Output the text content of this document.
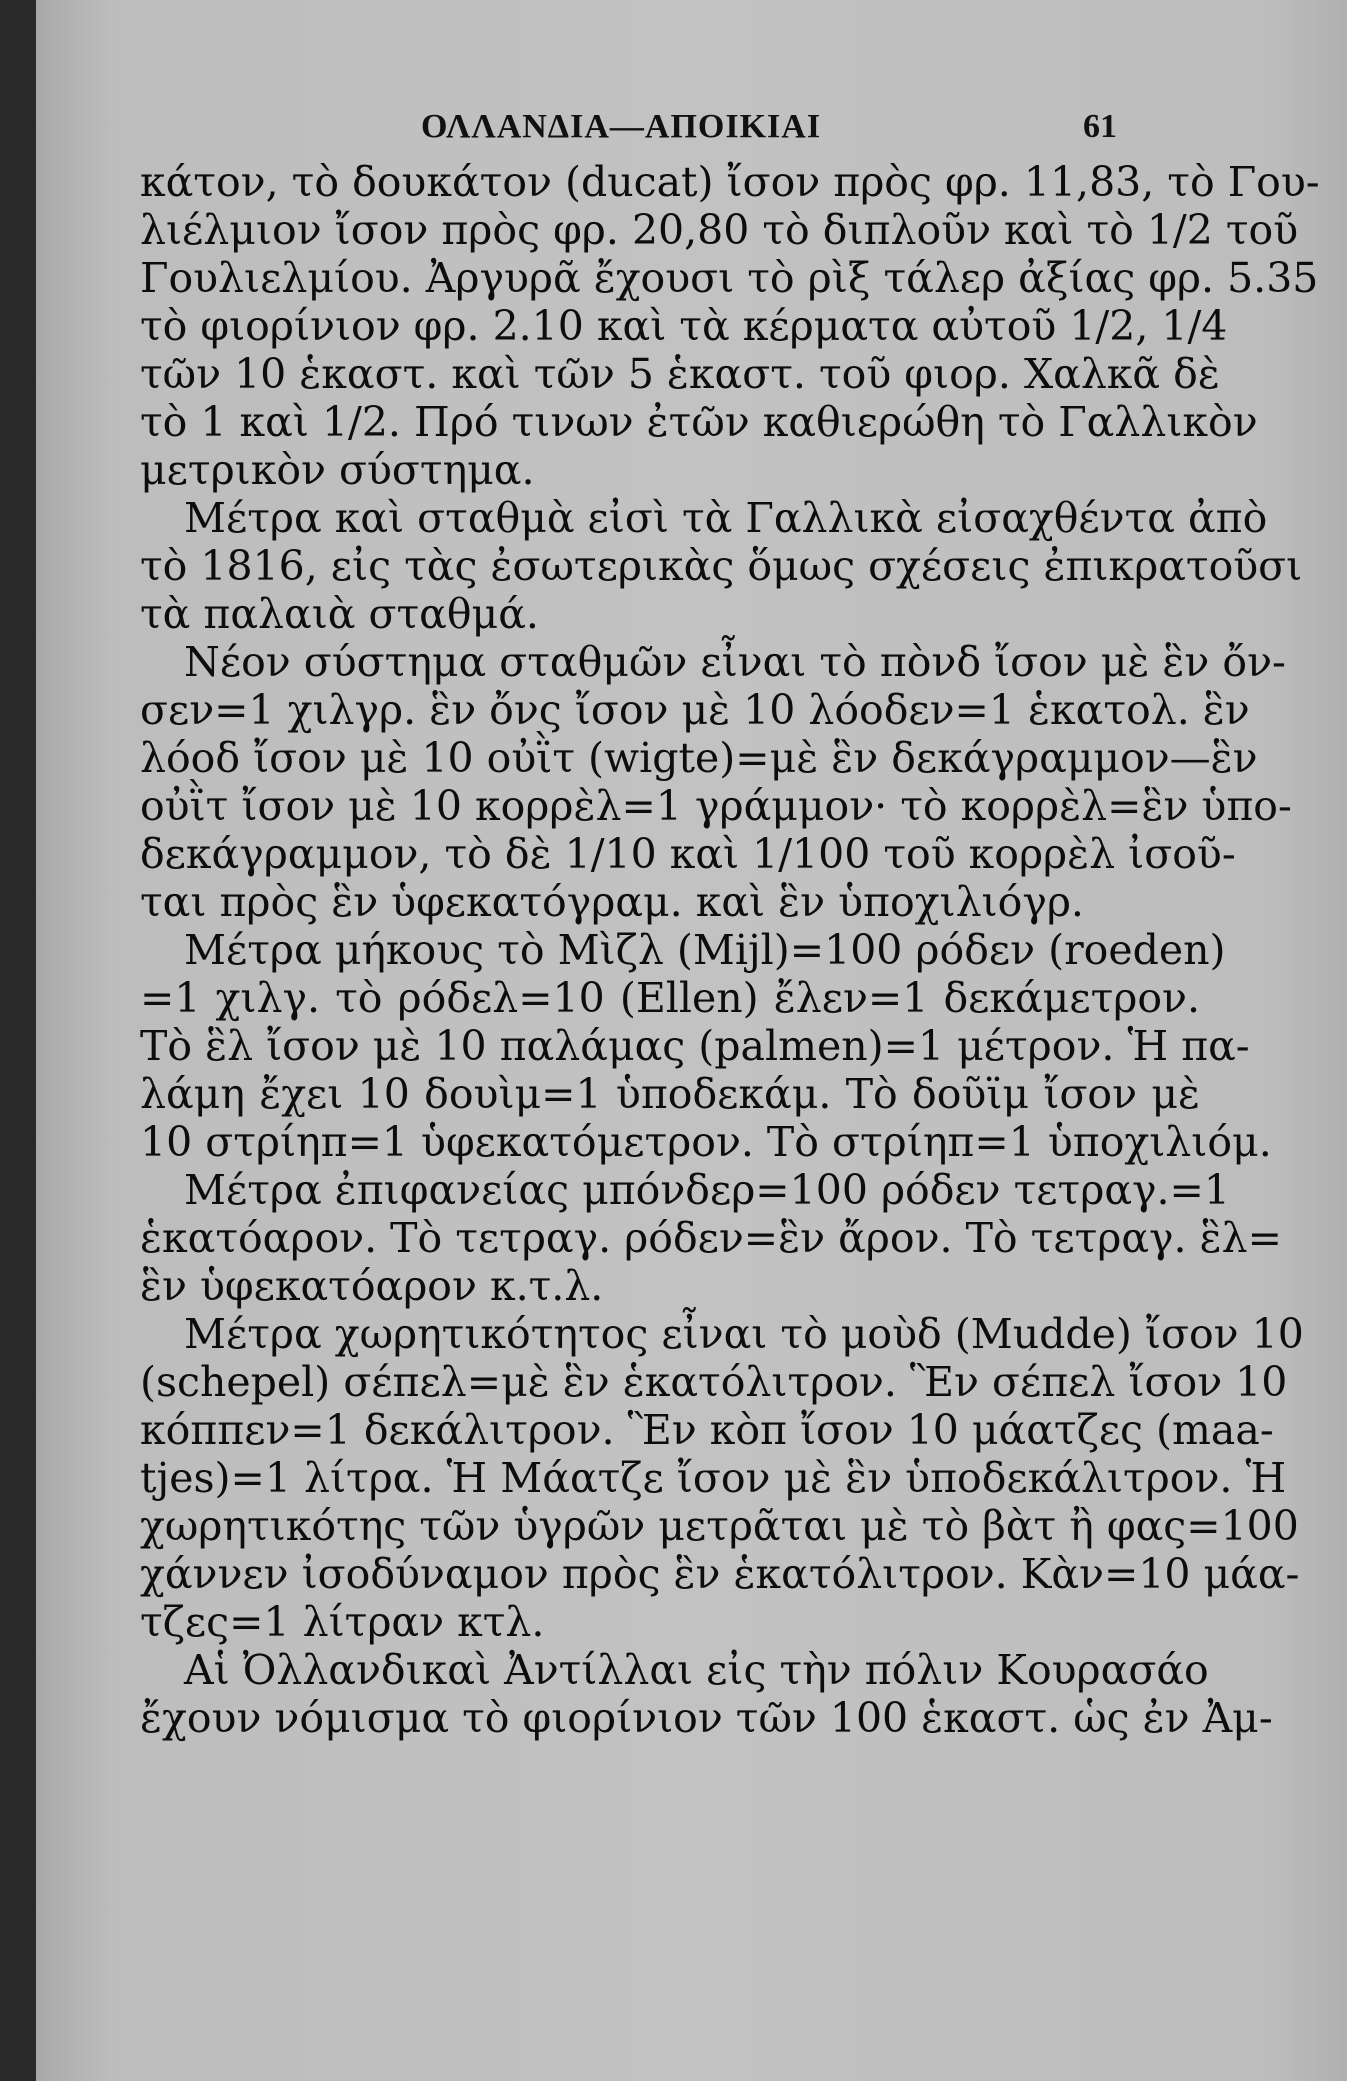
ΟΛΛΑΝΔΙΑ—ΑΠΟΙΚΙΑΙ	61
κάτον, τὸ δουκάτον (ducat) ἴσον πρὸς φρ. 11,83, τὸ Γου-
λιέλμιον ἴσον πρὸς φρ. 20,80 τὸ διπλοῦν καὶ τὸ 1/2 τοῦ
Γουλιελμίου. Ἀργυρᾶ ἔχουσι τὸ ρὶξ τάλερ ἀξίας φρ. 5.35
τὸ φιορίνιον φρ. 2.10 καὶ τὰ κέρματα αὐτοῦ 1/2, 1/4
τῶν 10 ἑκαστ. καὶ τῶν 5 ἑκαστ. τοῦ φιορ. Χαλκᾶ δὲ
τὸ 1 καὶ 1/2. Πρό τινων ἐτῶν καθιερώθη τὸ Γαλλικὸν
μετρικὸν σύστημα.
Μέτρα καὶ σταθμὰ εἰσὶ τὰ Γαλλικὰ εἰσαχθέντα ἀπὸ
τὸ 1816, εἰς τὰς ἐσωτερικὰς ὅμως σχέσεις ἐπικρατοῦσι
τὰ παλαιὰ σταθμά.
Νέον σύστημα σταθμῶν εἶναι τὸ πὸνδ ἴσον μὲ ἓν ὄν-
σεν=1 χιλγρ. ἓν ὄνς ἴσον μὲ 10 λόοδεν=1 ἑκατολ. ἓν
λόοδ ἴσον μὲ 10 οὐῒτ (wigte)=μὲ ἓν δεκάγραμμον—ἓν
οὐῒτ ἴσον μὲ 10 κορρὲλ=1 γράμμον· τὸ κορρὲλ=ἓν ὑπο-
δεκάγραμμον, τὸ δὲ 1/10 καὶ 1/100 τοῦ κορρὲλ ἰσοῦ-
ται πρὸς ἓν ὑφεκατόγραμ. καὶ ἓν ὑποχιλιόγρ.
Μέτρα μήκους τὸ Μὶζλ (Mijl)=100 ρόδεν (roeden)
=1 χιλγ. τὸ ρόδελ=10 (Ellen) ἔλεν=1 δεκάμετρον.
Τὸ ἓλ ἴσον μὲ 10 παλάμας (palmen)=1 μέτρον. Ἡ πα-
λάμη ἔχει 10 δουὶμ=1 ὑποδεκάμ. Τὸ δοῦϊμ ἴσον μὲ
10 στρίηπ=1 ὑφεκατόμετρον. Τὸ στρίηπ=1 ὑποχιλιόμ.
Μέτρα ἐπιφανείας μπόνδερ=100 ρόδεν τετραγ.=1
ἑκατόαρον. Τὸ τετραγ. ρόδεν=ἓν ἄρον. Τὸ τετραγ. ἓλ=
ἓν ὑφεκατόαρον κ.τ.λ.
Μέτρα χωρητικότητος εἶναι τὸ μοὺδ (Mudde) ἴσον 10
(schepel) σέπελ=μὲ ἓν ἑκατόλιτρον. Ἓν σέπελ ἴσον 10
κόππεν=1 δεκάλιτρον. Ἓν κὸπ ἴσον 10 μάατζες (maa-
tjes)=1 λίτρα. Ἡ Μάατζε ἴσον μὲ ἓν ὑποδεκάλιτρον. Ἡ
χωρητικότης τῶν ὑγρῶν μετρᾶται μὲ τὸ βὰτ ἢ φας=100
χάννεν ἰσοδύναμον πρὸς ἓν ἑκατόλιτρον. Κὰν=10 μάα-
τζες=1 λίτραν κτλ.
Αἱ Ὀλλανδικαὶ Ἀντίλλαι εἰς τὴν πόλιν Κουρασάο
ἔχουν νόμισμα τὸ φιορίνιον τῶν 100 ἑκαστ. ὡς ἐν Ἀμ-
